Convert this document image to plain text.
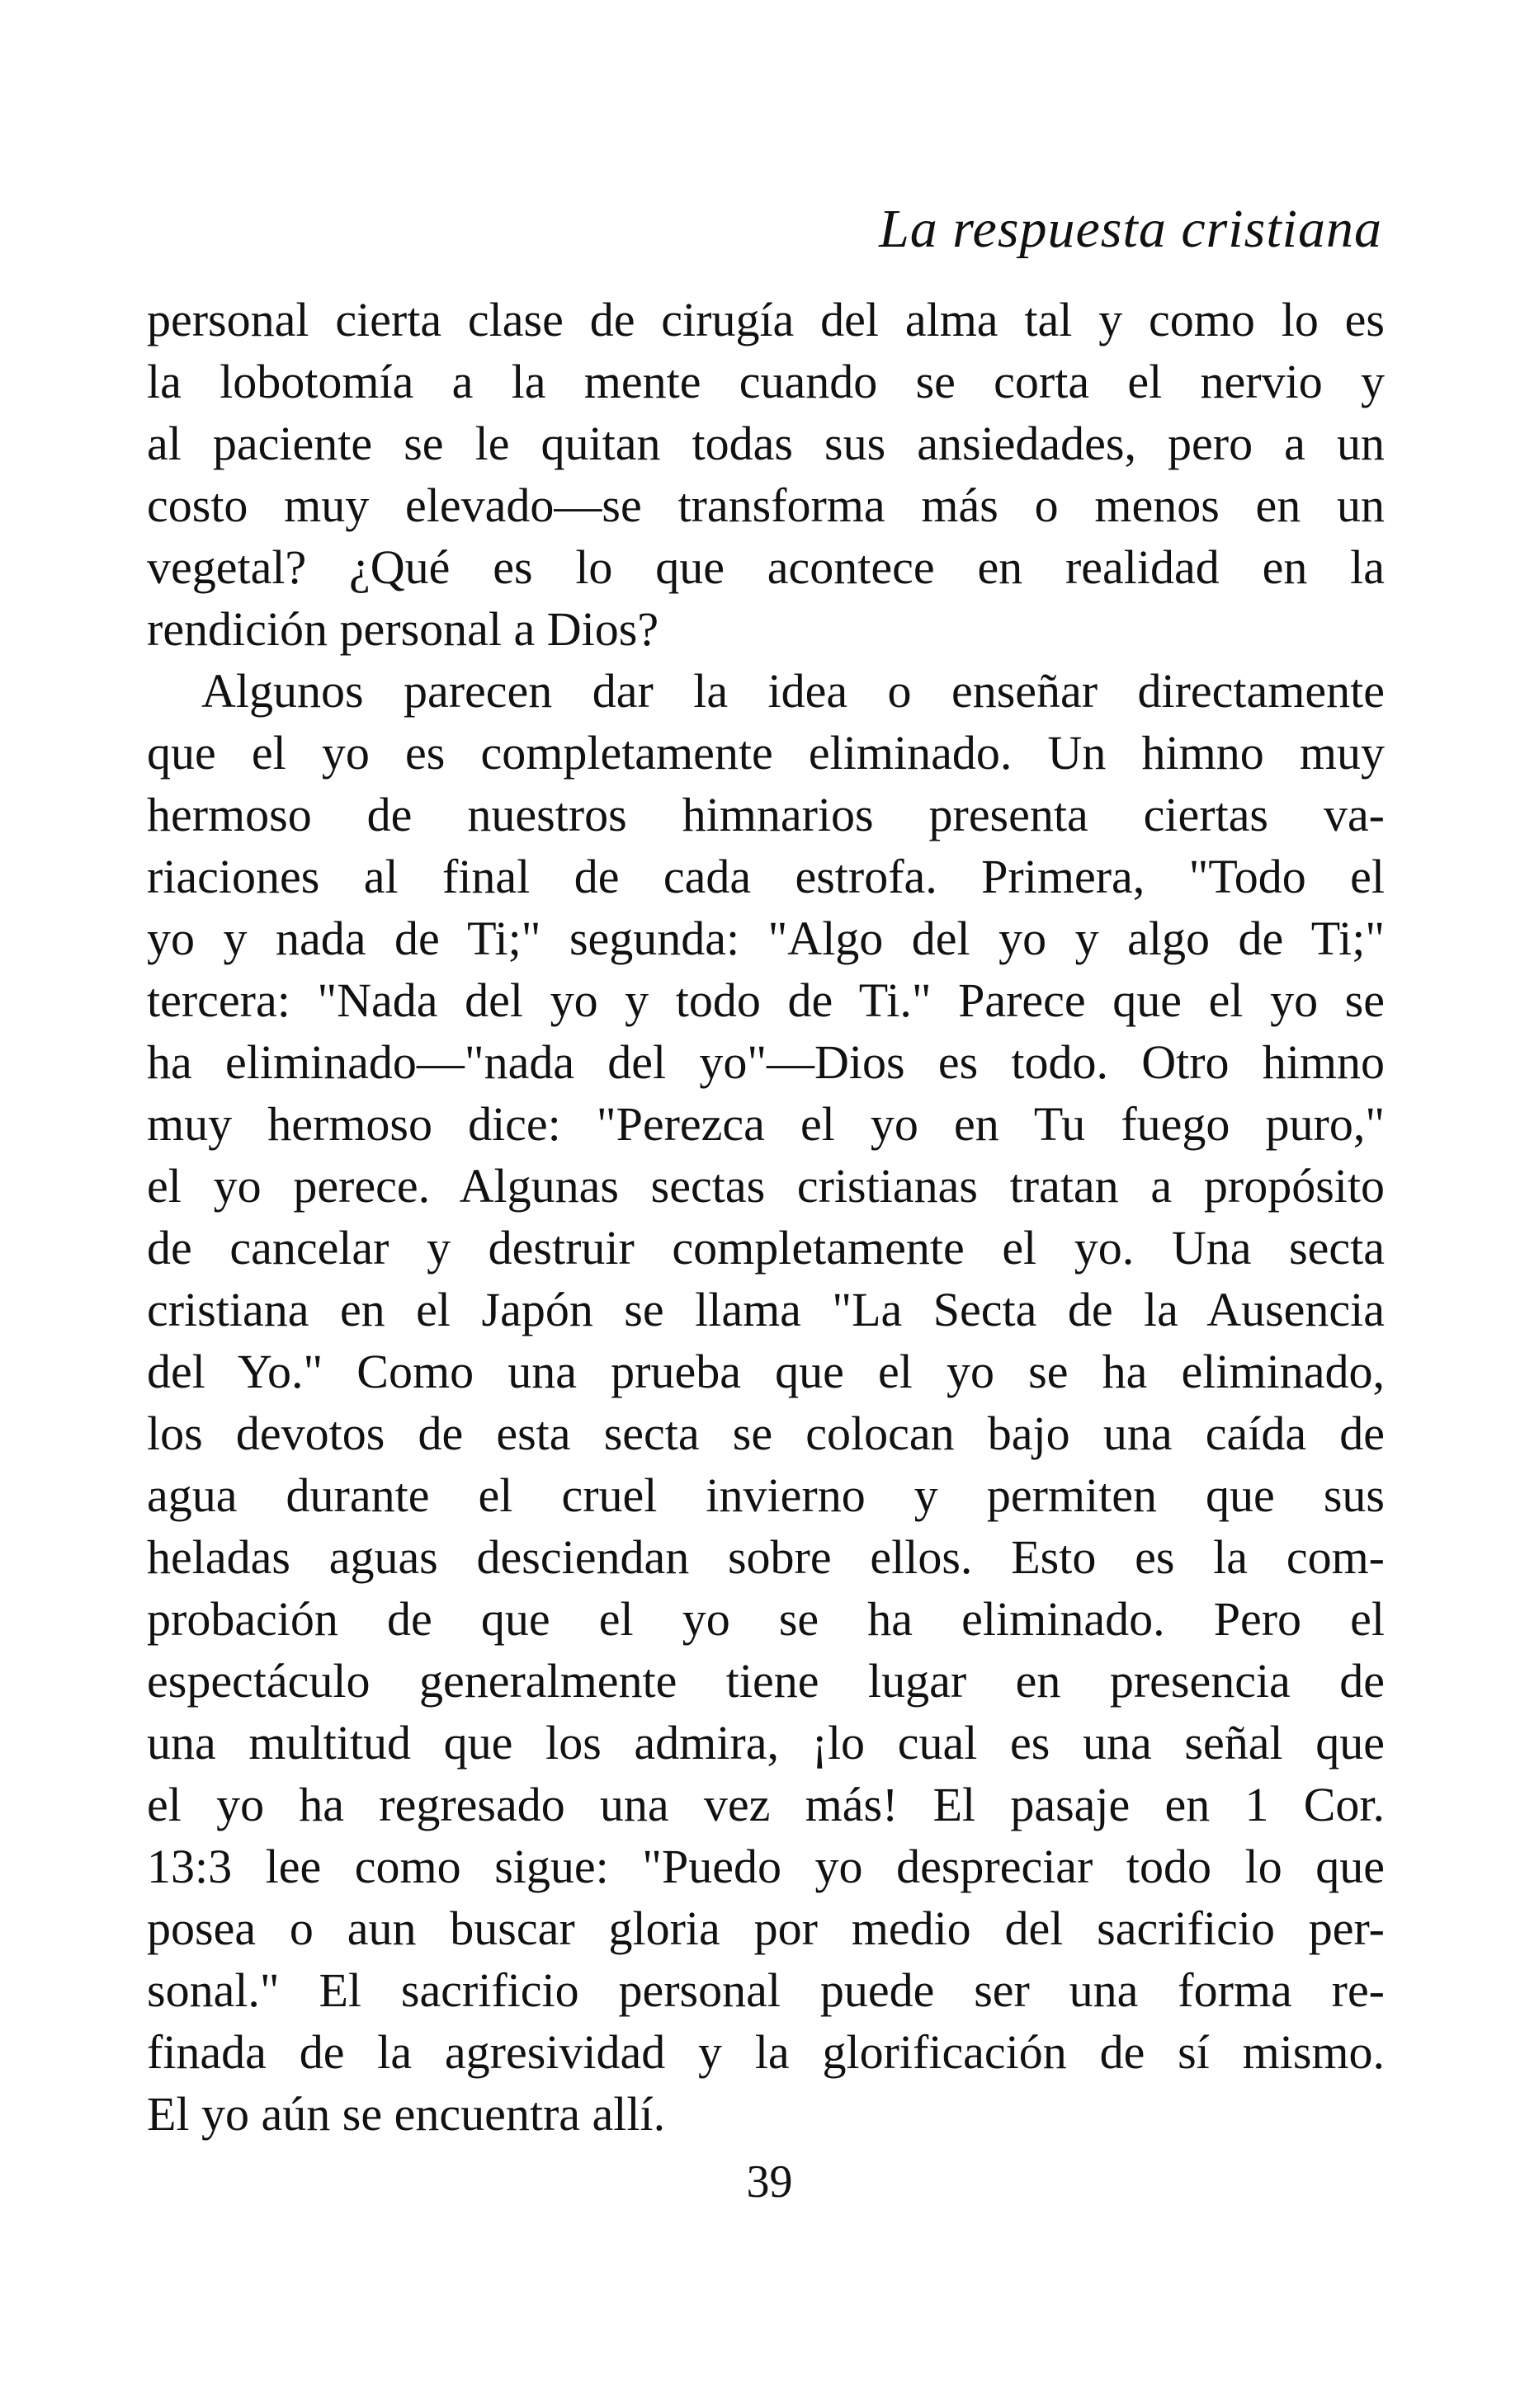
La respuesta cristiana
personal cierta clase de cirugía del alma tal y como lo es
la lobotomía a la mente cuando se corta el nervio y
al paciente se le quitan todas sus ansiedades, pero a un
costo muy elevado—se transforma más o menos en un
vegetal? ¿Qué es lo que acontece en realidad en la
rendición personal a Dios?
Algunos parecen dar la idea o enseñar directamente
que el yo es completamente eliminado. Un himno muy
hermoso de nuestros himnarios presenta ciertas va-
riaciones al final de cada estrofa. Primera, "Todo el
yo y nada de Ti;" segunda: "Algo del yo y algo de Ti;"
tercera: "Nada del yo y todo de Ti." Parece que el yo se
ha eliminado—"nada del yo"—Dios es todo. Otro himno
muy hermoso dice: "Perezca el yo en Tu fuego puro,"
el yo perece. Algunas sectas cristianas tratan a propósito
de cancelar y destruir completamente el yo. Una secta
cristiana en el Japón se llama "La Secta de la Ausencia
del Yo." Como una prueba que el yo se ha eliminado,
los devotos de esta secta se colocan bajo una caída de
agua durante el cruel invierno y permiten que sus
heladas aguas desciendan sobre ellos. Esto es la com-
probación de que el yo se ha eliminado. Pero el
espectáculo generalmente tiene lugar en presencia de
una multitud que los admira, ¡lo cual es una señal que
el yo ha regresado una vez más! El pasaje en 1 Cor.
13:3 lee como sigue: "Puedo yo despreciar todo lo que
posea o aun buscar gloria por medio del sacrificio per-
sonal." El sacrificio personal puede ser una forma re-
finada de la agresividad y la glorificación de sí mismo.
El yo aún se encuentra allí.
39
